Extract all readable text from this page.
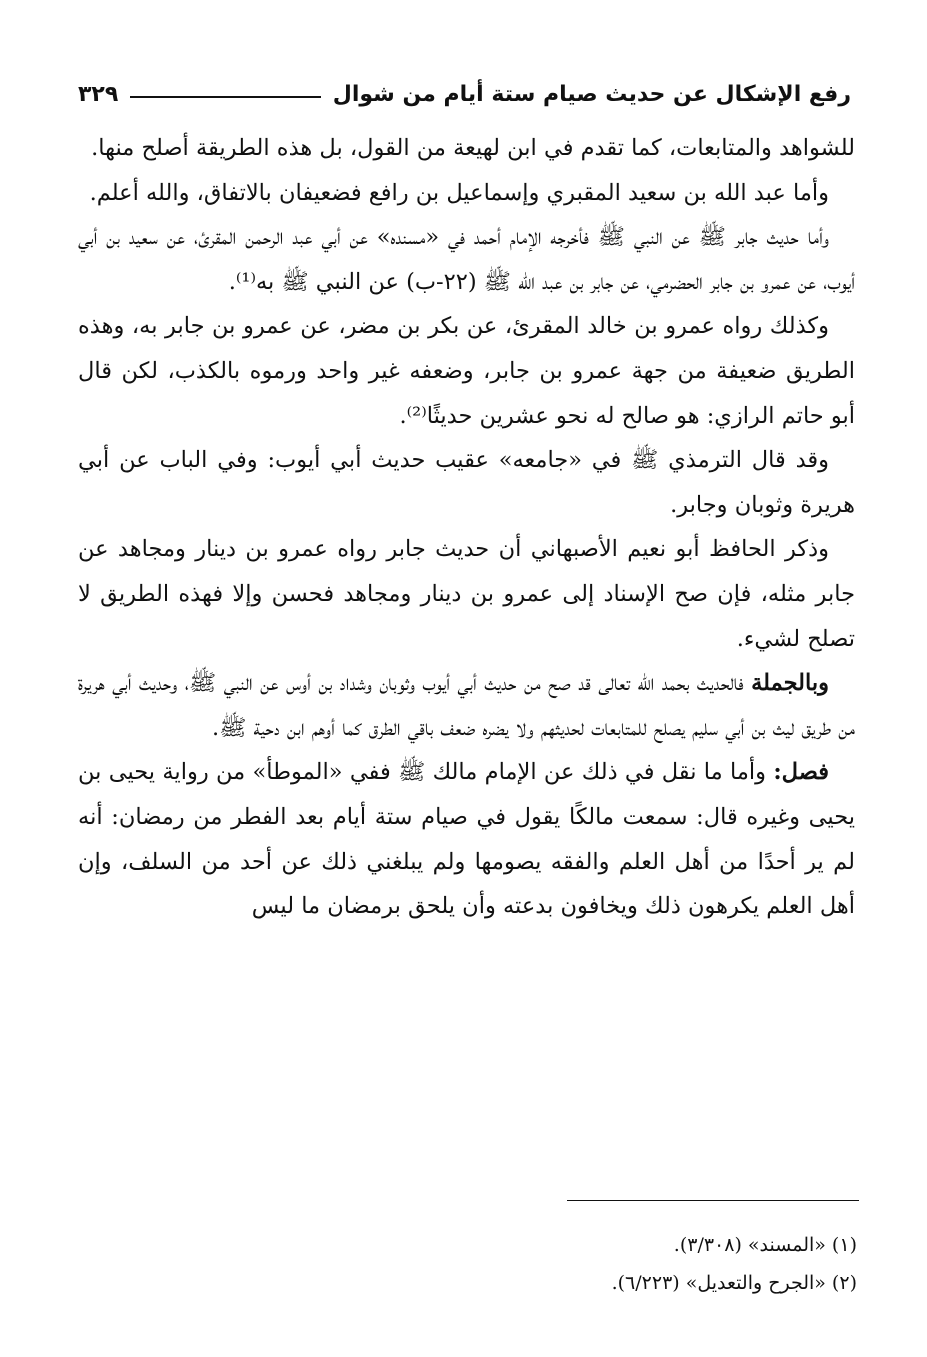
رفع الإشكال عن حديث صيام ستة أيام من شوال
٣٢٩

للشواهد والمتابعات، كما تقدم في ابن لهيعة من القول، بل هذه الطريقة أصلح منها.

وأما عبد الله بن سعيد المقبري وإسماعيل بن رافع فضعيفان بالاتفاق، والله أعلم.

وأما حديث جابر ﷺ عن النبي ﷺ فأخرجه الإمام أحمد في «مسنده» عن أبي عبد الرحمن المقرئ، عن سعيد بن أبي أيوب، عن عمرو بن جابر الحضرمي، عن جابر بن عبد الله ﷺ (٢٢-ب) عن النبي ﷺ به⁽¹⁾.

وكذلك رواه عمرو بن خالد المقرئ، عن بكر بن مضر، عن عمرو بن جابر به، وهذه الطريق ضعيفة من جهة عمرو بن جابر، وضعفه غير واحد ورموه بالكذب، لكن قال أبو حاتم الرازي: هو صالح له نحو عشرين حديثًا⁽²⁾.

وقد قال الترمذي ﷺ في «جامعه» عقيب حديث أبي أيوب: وفي الباب عن أبي هريرة وثوبان وجابر.

وذكر الحافظ أبو نعيم الأصبهاني أن حديث جابر رواه عمرو بن دينار ومجاهد عن جابر مثله، فإن صح الإسناد إلى عمرو بن دينار ومجاهد فحسن وإلا فهذه الطريق لا تصلح لشيء.

وبالجملة فالحديث بحمد الله تعالى قد صح من حديث أبي أيوب وثوبان وشداد بن أوس عن النبي ﷺ، وحديث أبي هريرة من طريق ليث بن أبي سليم يصلح للمتابعات لحديثهم ولا يضره ضعف باقي الطرق كما أوهم ابن دحية ﷺ.

فصل: وأما ما نقل في ذلك عن الإمام مالك ﷺ ففي «الموطأ» من رواية يحيى بن يحيى وغيره قال: سمعت مالكًا يقول في صيام ستة أيام بعد الفطر من رمضان: أنه لم ير أحدًا من أهل العلم والفقه يصومها ولم يبلغني ذلك عن أحد من السلف، وإن أهل العلم يكرهون ذلك ويخافون بدعته وأن يلحق برمضان ما ليس

(١) «المسند» (٣/٣٠٨).
(٢) «الجرح والتعديل» (٦/٢٢٣).
